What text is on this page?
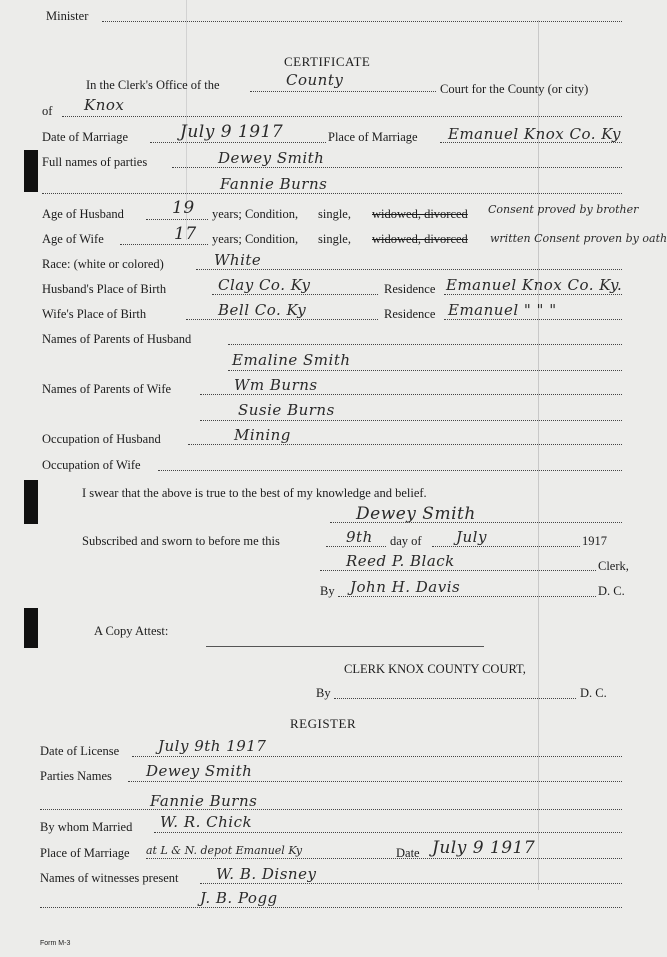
Minister
CERTIFICATE
In the Clerk's Office of the	County	Court for the County (or city)
of Knox
Date of Marriage	July 9 1917	Place of Marriage Emanuel Knox Co. Ky
Full names of parties	Dewey Smith
Fannie Burns
Age of Husband	19 years; Condition, single, widowed, divorced Consent proved by brother
Age of Wife	17 years; Condition, single, widowed, divorced written Consent proven by oath
Race: (white or colored)	White
Husband's Place of Birth	Clay Co. Ky	Residence Emanuel Knox Co. Ky.
Wife's Place of Birth	Bell Co. Ky	Residence Emanuel " " "
Names of Parents of Husband
Emaline Smith
Names of Parents of Wife	Wm Burns
Susie Burns
Occupation of Husband	Mining
Occupation of Wife
I swear that the above is true to the best of my knowledge and belief.
Dewey Smith
Subscribed and sworn to before me this	9th day of July	1917
Reed P. Black	Clerk,
By John H. Davis	D. C.
A Copy Attest:
CLERK KNOX COUNTY COURT,
By	D. C.
REGISTER
Date of License	July 9th 1917
Parties Names Dewey Smith
Fannie Burns
By whom Married W. R. Chick
Place of Marriage at L & N. depot Emanuel Ky	Date July 9 1917
Names of witnesses present W. B. Disney
J. B. Pogg
Form M-3
